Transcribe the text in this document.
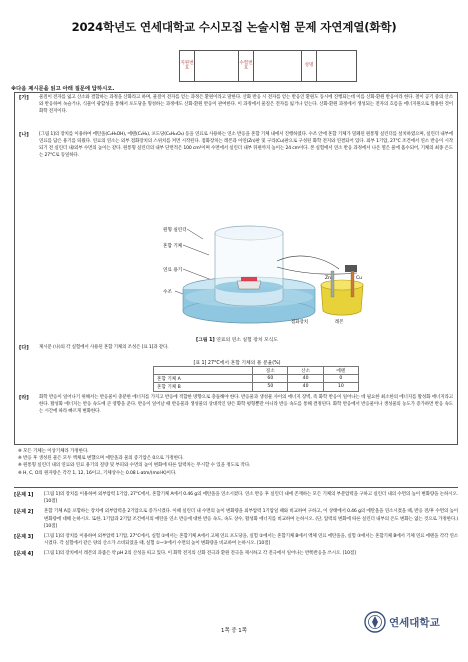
2024학년도 연세대학교 수시모집 논술시험 문제 자연계열(화학)
지원번호
수험번호
성명
※다음 제시문을 읽고 아래 질문에 답하시오.
[가]	물질이 전자를 잃고 산소와 결합하는 과정을 산화라고 하며, 물질이 전자를 얻는 과정은 환원이라고 말한다. 산화 반응 시 전자를 얻는 반응인 환원도 동시에 진행되는데 이를 산화·환원 반응이라 한다. 철이 공기 중의 산소와 반응하여 녹슬거나, 식물이 광합성을 통해서 포도당을 형성하는 과정에도 산화·환원 반응이 관여한다. 이 과정에서 물질은 전자를 잃거나 얻는다. 산화·환원 과정에서 생성되는 전자의 흐름을 에너지원으로 활용한 것이 화학 전지이다.
[나]	[그림 1]의 장치를 이용하여 에탄올(C₂H₅OH), 에텐(C₂H₄), 포도당(C₆H₁₂O₆) 등을 연료로 사용하는 연소 반응을 혼합 기체 내에서 진행하였다. 수조 안에 혼합 기체가 밀폐된 원통형 실린더를 설치하였으며, 실린더 내부에 연료를 담은 용기를 띄웠다. 연료의 연소는 외부 점화장치의 스위치를 켜면 시작된다. 점화장치는 레몬과 아연(Zn)판 및 구리(Cu)판으로 구성된 화학 전지와 연결되어 있다. 외부 1기압, 27°C 조건에서 연소 반응이 시작되기 전 실린더 내/외부 수면의 높이는 같다. 원통형 실린더의 내부 단면적은 100 cm²이며 수면에서 실린더 내부 뒤편까지 높이는 24 cm이다. 본 실험에서 연소 반응 과정에서 나온 열은 물에 흡수되어, 기체의 최종 온도는 27°C로 동일하다.
원형 실린더
혼합 기체
연료 용기
수조
Zn	Cu
레몬
점화장치
[그림 1] 연료의 연소 실험 장치 모식도
[다]	제시문 (나)의 각 실험에서 사용된 혼합 기체의 조성은 [표 1]과 같다.
[표 1] 27°C에서 혼합 기체의 몰 분율(%)
	질소	산소	에텐
혼합 기체 A	60	40	0
혼합 기체 B	50	40	10
[라]	화학 반응이 일어나기 위해서는 반응물이 충분한 에너지를 가지고 반응에 적합한 방향으로 충돌해야 한다. 반응물과 생성물 사이의 에너지 장벽, 즉 화학 반응이 일어나는 데 필요한 최소한의 에너지를 활성화 에너지라고 한다. 활성화 에너지는 반응 속도에 큰 영향을 준다. 반응이 일어날 때 반응물과 생성물의 상대적인 양은 화학 평형뿐만 아니라 반응 속도를 통해 결정된다. 화학 반응에서 반응물이나 생성물의 농도가 증가하면 반응 속도는 시간에 따라 빠르게 변화한다.
※ 모든 기체는 이상기체라 가정한다.
※ 반응 후 생성된 물은 모두 액체로 변했으며 에탄올과 물의 증기압은 0으로 가정한다.
※ 원통형 실린더 내의 연료와 연료 용기의 질량 및 부피와 수면의 높이 변화에 따른 압력차는 무시할 수 있을 정도로 작다.
※ H, C, O의 원자량은 각각 1, 12, 16이고, 기체상수는 0.08 L·atm/(mol·K)이다.
[문제 1]	[그림 1]의 장치를 이용하여 외부압력 1기압, 27°C에서, 혼합기체 A에서 0.46 g의 에탄올을 연소시켰다. 연소 반응 후 실린더 내에 존재하는 모든 기체의 부분압력을 구하고 실린더 내의 수면의 높이 변화량을 논하시오. [10점]
[문제 2]	혼합 기체 A를 포함하는 장치에 외부압력을 2기압으로 증가시켰다. 이때 실린더 내 수면의 높이 변화량을 외부압력 1기압일 때와 비교하여 구하고, 이 상태에서 0.46 g의 에탄올을 연소시켰을 때, 반응 전/후 수면의 높이 변화량에 대해 논하시오. 또한, 1기압과 2기압 조건에서의 에탄올 연소 반응에 대한 반응 속도, 속도 상수, 활성화 에너지를 비교하여 논하시오. (단, 압력의 변화에 따른 실린더 내부의 온도 변화는 없는 것으로 가정한다.) [10점]
[문제 3]	[그림 1]의 장치를 이용하여 외부압력 1기압, 27°C에서, 실험 ①에서는 혼합기체 A에서 고체 연료 포도당을, 실험 ②에서는 혼합기체 B에서 액체 연료 에탄올을, 실험 ③에서는 혼합기체 B에서 기체 연료 에텐을 각각 연소시켰다. 각 실험에서 같은 양의 산소가 소비되었을 때, 실험 ①~③에서 수면의 높이 변화량을 비교하여 논하시오. [10점]
[문제 4]	[그림 1]의 장치에서 레몬의 과즙은 약 pH 2의 산성을 띠고 있다. 이 화학 전지의 산화 전극과 환원 전극을 제시하고 각 전극에서 일어나는 반쪽반응을 쓰시오. [10점]
1쪽 중 1쪽
연세대학교
